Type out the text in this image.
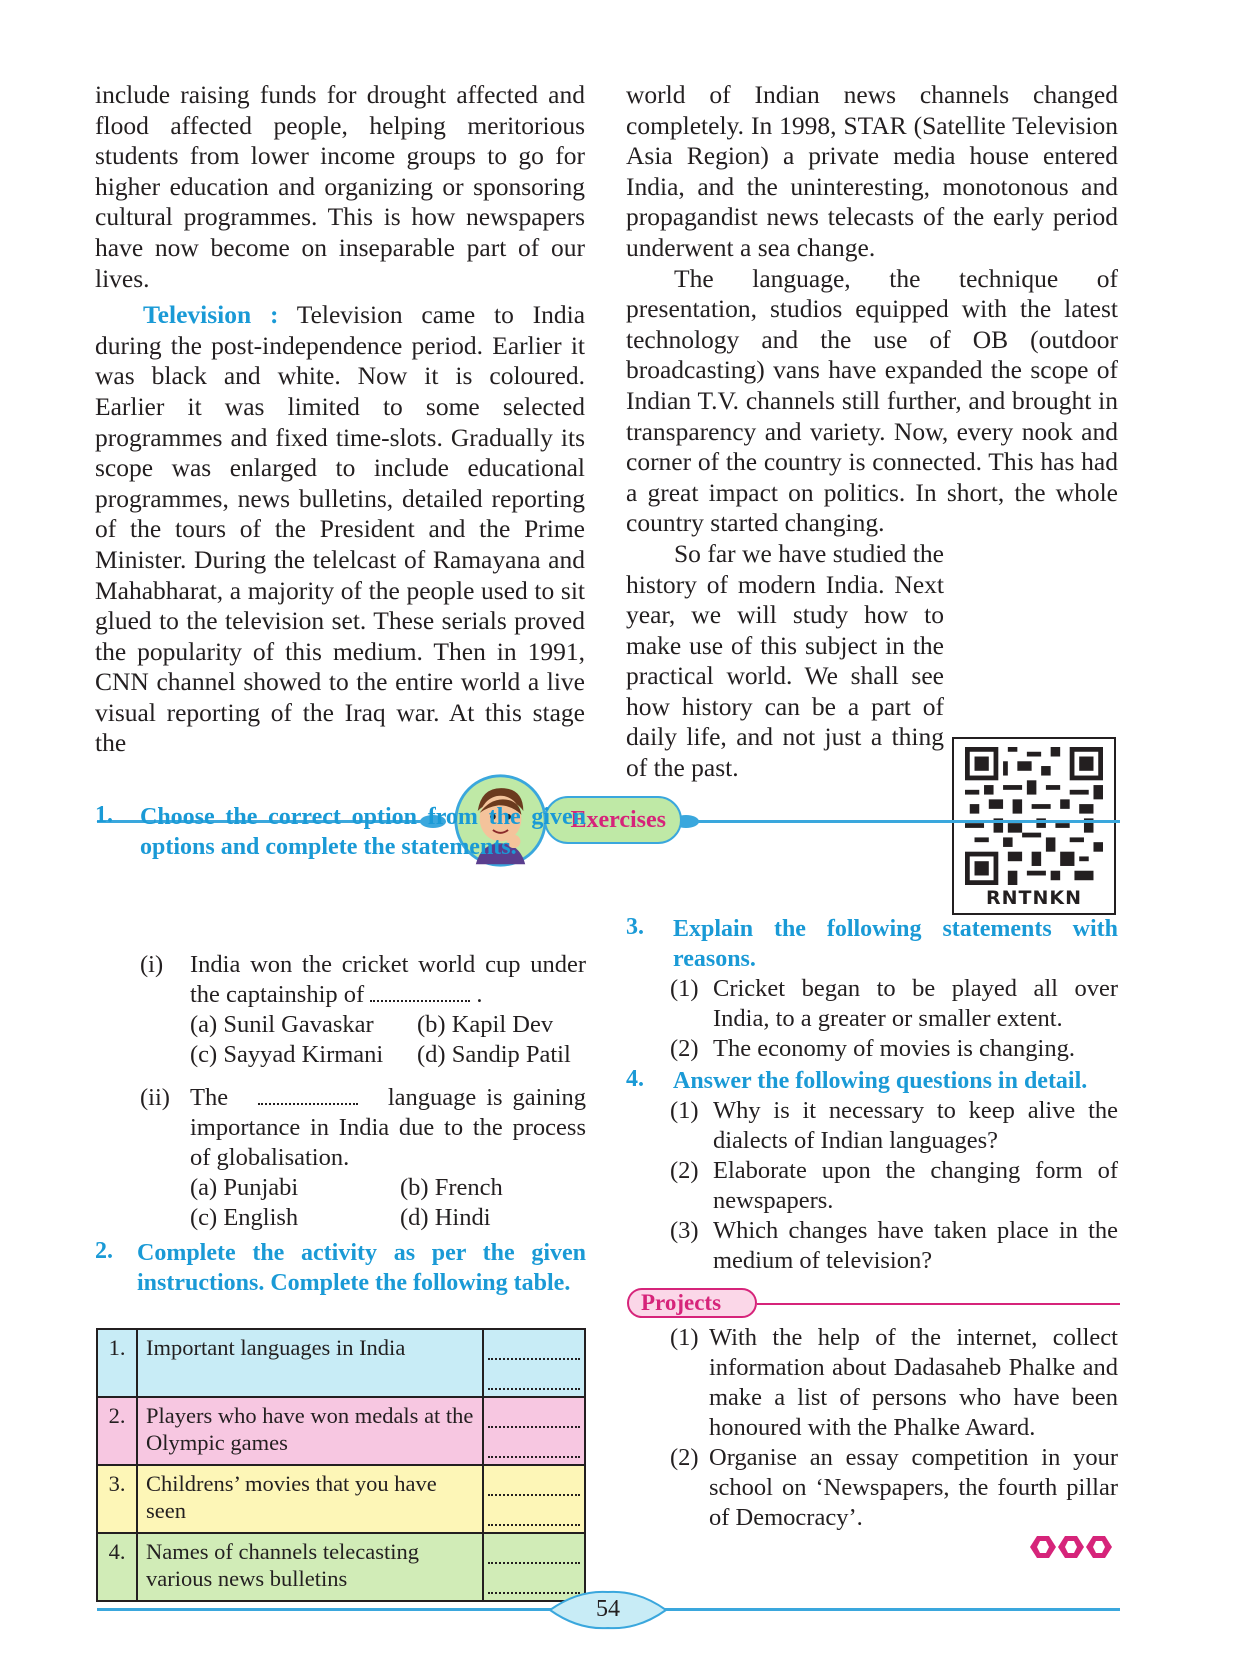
include raising funds for drought affected and flood affected people, helping meritorious students from lower income groups to go for higher education and organizing or sponsoring cultural programmes. This is how newspapers have now become on inseparable part of our lives.

Television : Television came to India during the post-independence period. Earlier it was black and white. Now it is coloured. Earlier it was limited to some selected programmes and fixed time-slots. Gradually its scope was enlarged to include educational programmes, news bulletins, detailed reporting of the tours of the President and the Prime Minister. During the telelcast of Ramayana and Mahabharat, a majority of the people used to sit glued to the television set. These serials proved the popularity of this medium. Then in 1991, CNN channel showed to the entire world a live visual reporting of the Iraq war. At this stage the

world of Indian news channels changed completely. In 1998, STAR (Satellite Television Asia Region) a private media house entered India, and the uninteresting, monotonous and propagandist news telecasts of the early period underwent a sea change.

The language, the technique of presentation, studios equipped with the latest technology and the use of OB (outdoor broadcasting) vans have expanded the scope of Indian T.V. channels still further, and brought in transparency and variety. Now, every nook and corner of the country is connected. This has had a great impact on politics. In short, the whole country started changing.

So far we have studied the history of modern India. Next year, we will study how to make use of this subject in the practical world. We shall see how history can be a part of daily life, and not just a thing of the past.

RNTNKN
Exercises
1. Choose the correct option from the given options and complete the statements.
(i) India won the cricket world cup under the captainship of	.
(a) Sunil Gavaskar (b) Kapil Dev
(c) Sayyad Kirmani (d) Sandip Patil
(ii) The	language is gaining importance in India due to the process of globalisation.
(a) Punjabi	(b) French
(c) English	(d) Hindi
2. Complete the activity as per the given instructions. Complete the following table.
1.	Important languages in India	

2.	Players who have won medals at the Olympic games	

3.	Childrens’ movies that you have seen	

4.	Names of channels telecasting various news bulletins	
3. Explain the following statements with reasons.
(1) Cricket began to be played all over India, to a greater or smaller extent.
(2) The economy of movies is changing.
4. Answer the following questions in detail.
(1) Why is it necessary to keep alive the dialects of Indian languages?
(2) Elaborate upon the changing form of newspapers.
(3) Which changes have taken place in the medium of television?
Projects
(1) With the help of the internet, collect information about Dadasaheb Phalke and make a list of persons who have been honoured with the Phalke Award.
(2) Organise an essay competition in your school on ‘Newspapers, the fourth pillar of Democracy’.
54
